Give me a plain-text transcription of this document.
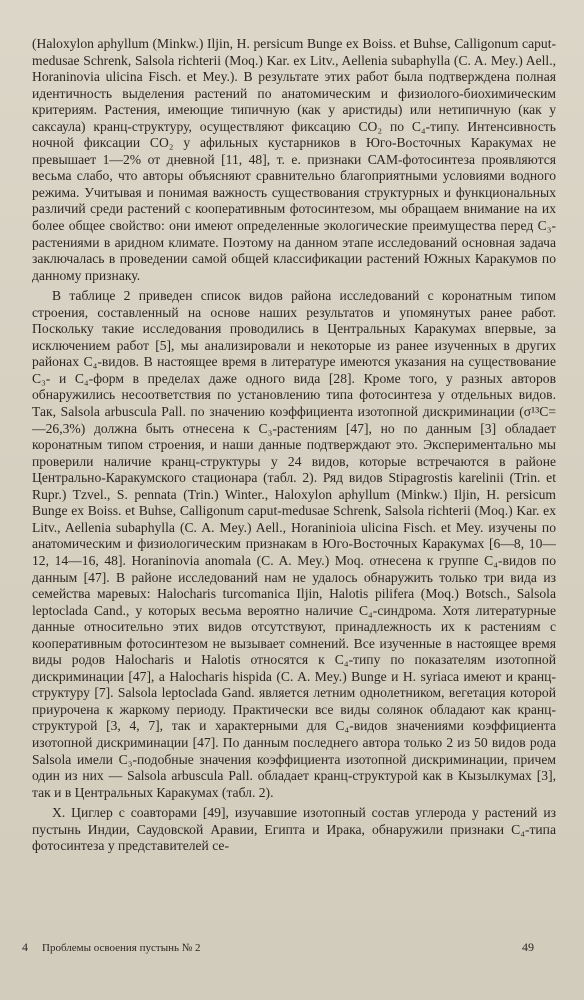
(Haloxylon aphyllum (Minkw.) Iljin, H. persicum Bunge ex Boiss. et Buhse, Calligonum caput-medusae Schrenk, Salsola richterii (Moq.) Kar. ex Litv., Aellenia subaphylla (C. A. Mey.) Aell., Horaninovia ulicina Fisch. et Mey.). В результате этих работ была подтверждена полная идентичность выделения растений по анатомическим и физиолого-биохимическим критериям. Растения, имеющие типичную (как у аристиды) или нетипичную (как у саксаула) кранц-структуру, осуществляют фиксацию CO₂ по C₄-типу. Интенсивность ночной фиксации CO₂ у афильных кустарников в Юго-Восточных Каракумах не превышает 1—2% от дневной [11, 48], т. е. признаки САМ-фотосинтеза проявляются весьма слабо, что авторы объясняют сравнительно благоприятными условиями водного режима. Учитывая и понимая важность существования структурных и функциональных различий среди растений с кооперативным фотосинтезом, мы обращаем внимание на их более общее свойство: они имеют определенные экологические преимущества перед C₃-растениями в аридном климате. Поэтому на данном этапе исследований основная задача заключалась в проведении самой общей классификации растений Южных Каракумов по данному признаку.

В таблице 2 приведен список видов района исследований с коронатным типом строения, составленный на основе наших результатов и упомянутых ранее работ. Поскольку такие исследования проводились в Центральных Каракумах впервые, за исключением работ [5], мы анализировали и некоторые из ранее изученных в других районах C₄-видов. В настоящее время в литературе имеются указания на существование C₃- и C₄-форм в пределах даже одного вида [28]. Кроме того, у разных авторов обнаружились несоответствия по установлению типа фотосинтеза у отдельных видов. Так, Salsola arbuscula Pall. по значению коэффициента изотопной дискриминации (σ¹³C=—26,3%) должна быть отнесена к C₃-растениям [47], но по данным [3] обладает коронатным типом строения, и наши данные подтверждают это. Экспериментально мы проверили наличие кранц-структуры у 24 видов, которые встречаются в районе Центрально-Каракумского стационара (табл. 2). Ряд видов Stipagrostis karelinii (Trin. et Rupr.) Tzvel., S. pennata (Trin.) Winter., Haloxylon aphyllum (Minkw.) Iljin, H. persicum Bunge ex Boiss. et Buhse, Calligonum caput-medusae Schrenk, Salsola richterii (Moq.) Kar. ex Litv., Aellenia subaphylla (C. A. Mey.) Aell., Horaninioia ulicina Fisch. et Mey. изучены по анатомическим и физиологическим признакам в Юго-Восточных Каракумах [6—8, 10—12, 14—16, 48]. Horaninovia anomala (C. A. Mey.) Moq. отнесена к группе C₄-видов по данным [47]. В районе исследований нам не удалось обнаружить только три вида из семейства маревых: Halocharis turcomanica Iljin, Halotis pilifera (Moq.) Botsch., Salsola leptoclada Cand., у которых весьма вероятно наличие C₄-синдрома. Хотя литературные данные относительно этих видов отсутствуют, принадлежность их к растениям с кооперативным фотосинтезом не вызывает сомнений. Все изученные в настоящее время виды родов Halocharis и Halotis относятся к C₄-типу по показателям изотопной дискриминации [47], а Halocharis hispida (C. A. Mey.) Bunge и H. syriaca имеют и кранц-структуру [7]. Salsola leptoclada Gand. является летним однолетником, вегетация которой приурочена к жаркому периоду. Практически все виды солянок обладают как кранц-структурой [3, 4, 7], так и характерными для C₄-видов значениями коэффициента изотопной дискриминации [47]. По данным последнего автора только 2 из 50 видов рода Salsola имели C₃-подобные значения коэффициента изотопной дискриминации, причем один из них — Salsola arbuscula Pall. обладает кранц-структурой как в Кызылкумах [3], так и в Центральных Каракумах (табл. 2).

Х. Циглер с соавторами [49], изучавшие изотопный состав углерода у растений из пустынь Индии, Саудовской Аравии, Египта и Ирака, обнаружили признаки C₄-типа фотосинтеза у представителей се-

4 Проблемы освоения пустынь № 2	49
